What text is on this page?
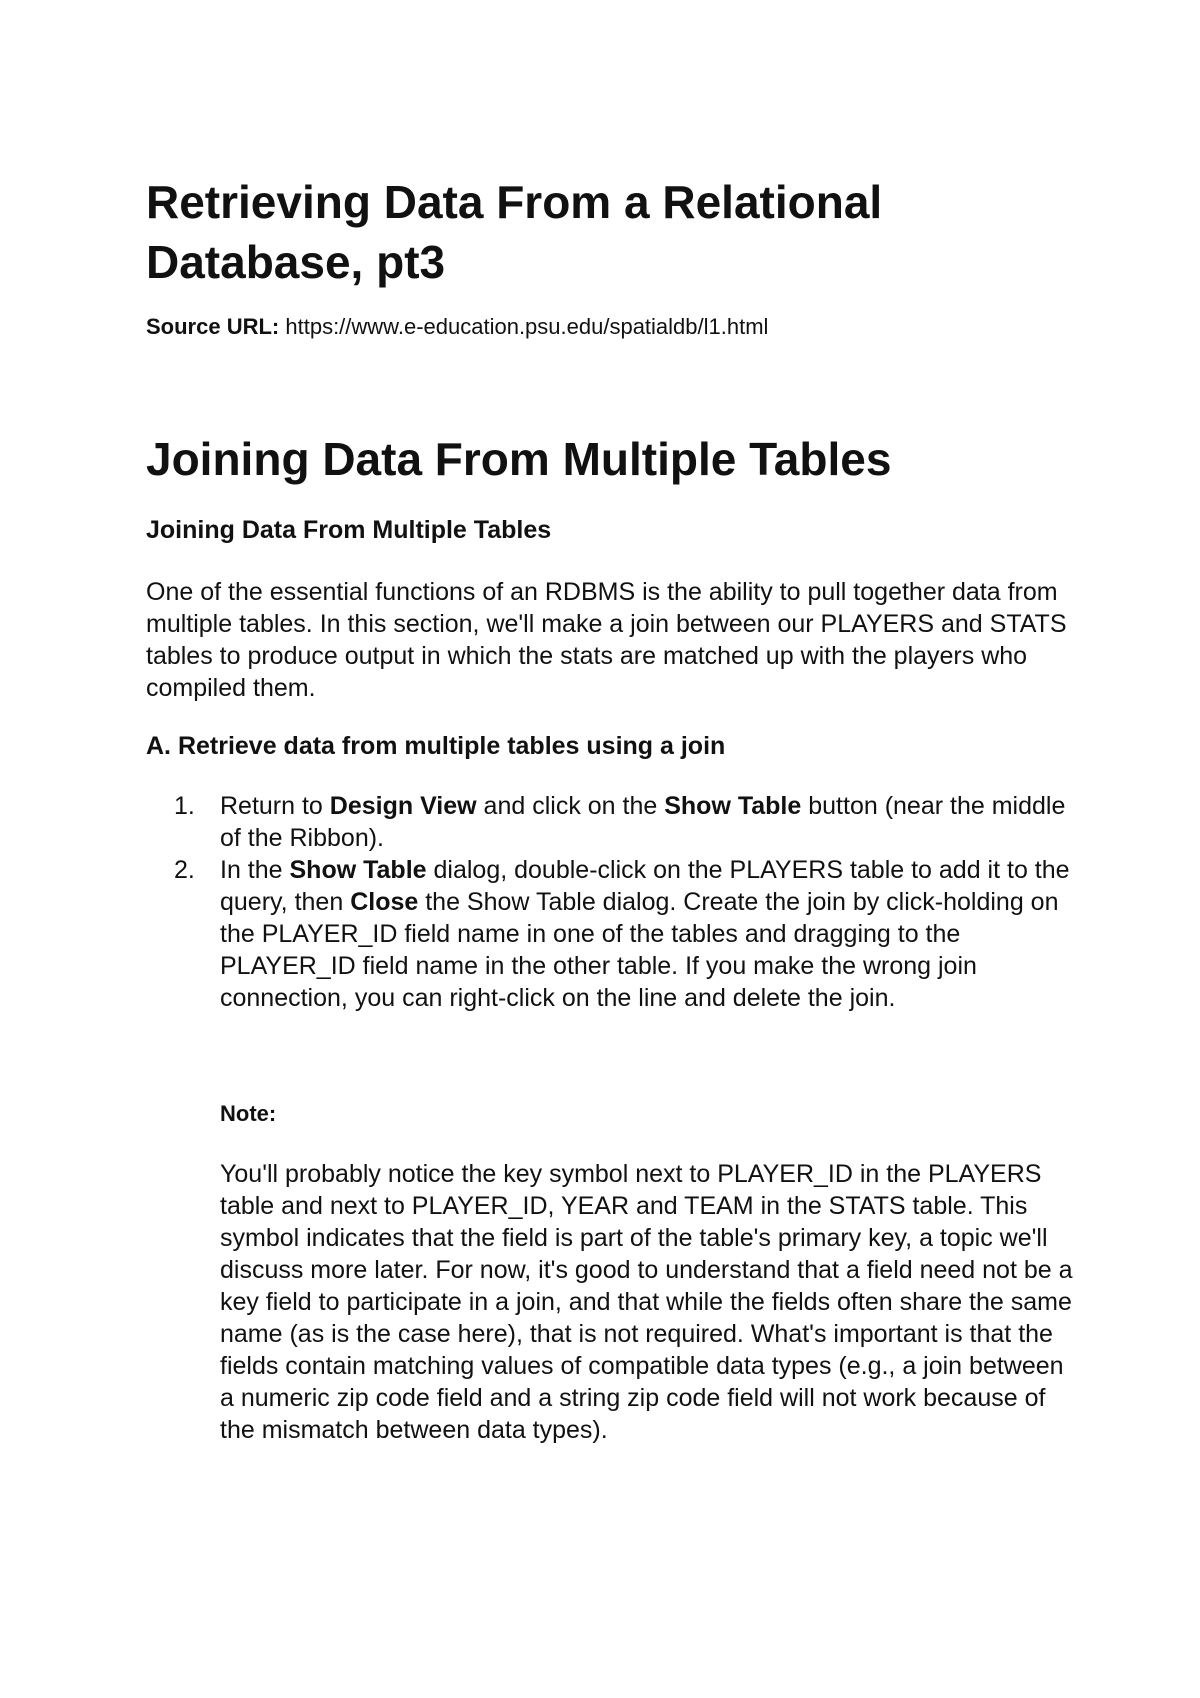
Retrieving Data From a Relational Database, pt3

Source URL: https://www.e-education.psu.edu/spatialdb/l1.html

Joining Data From Multiple Tables
Joining Data From Multiple Tables

One of the essential functions of an RDBMS is the ability to pull together data from multiple tables. In this section, we'll make a join between our PLAYERS and STATS tables to produce output in which the stats are matched up with the players who compiled them.

A. Retrieve data from multiple tables using a join
1. Return to Design View and click on the Show Table button (near the middle of the Ribbon).
2. In the Show Table dialog, double-click on the PLAYERS table to add it to the query, then Close the Show Table dialog. Create the join by click-holding on the PLAYER_ID field name in one of the tables and dragging to the PLAYER_ID field name in the other table. If you make the wrong join connection, you can right-click on the line and delete the join.

Note:

You'll probably notice the key symbol next to PLAYER_ID in the PLAYERS table and next to PLAYER_ID, YEAR and TEAM in the STATS table. This symbol indicates that the field is part of the table's primary key, a topic we'll discuss more later. For now, it's good to understand that a field need not be a key field to participate in a join, and that while the fields often share the same name (as is the case here), that is not required. What's important is that the fields contain matching values of compatible data types (e.g., a join between a numeric zip code field and a string zip code field will not work because of the mismatch between data types).
